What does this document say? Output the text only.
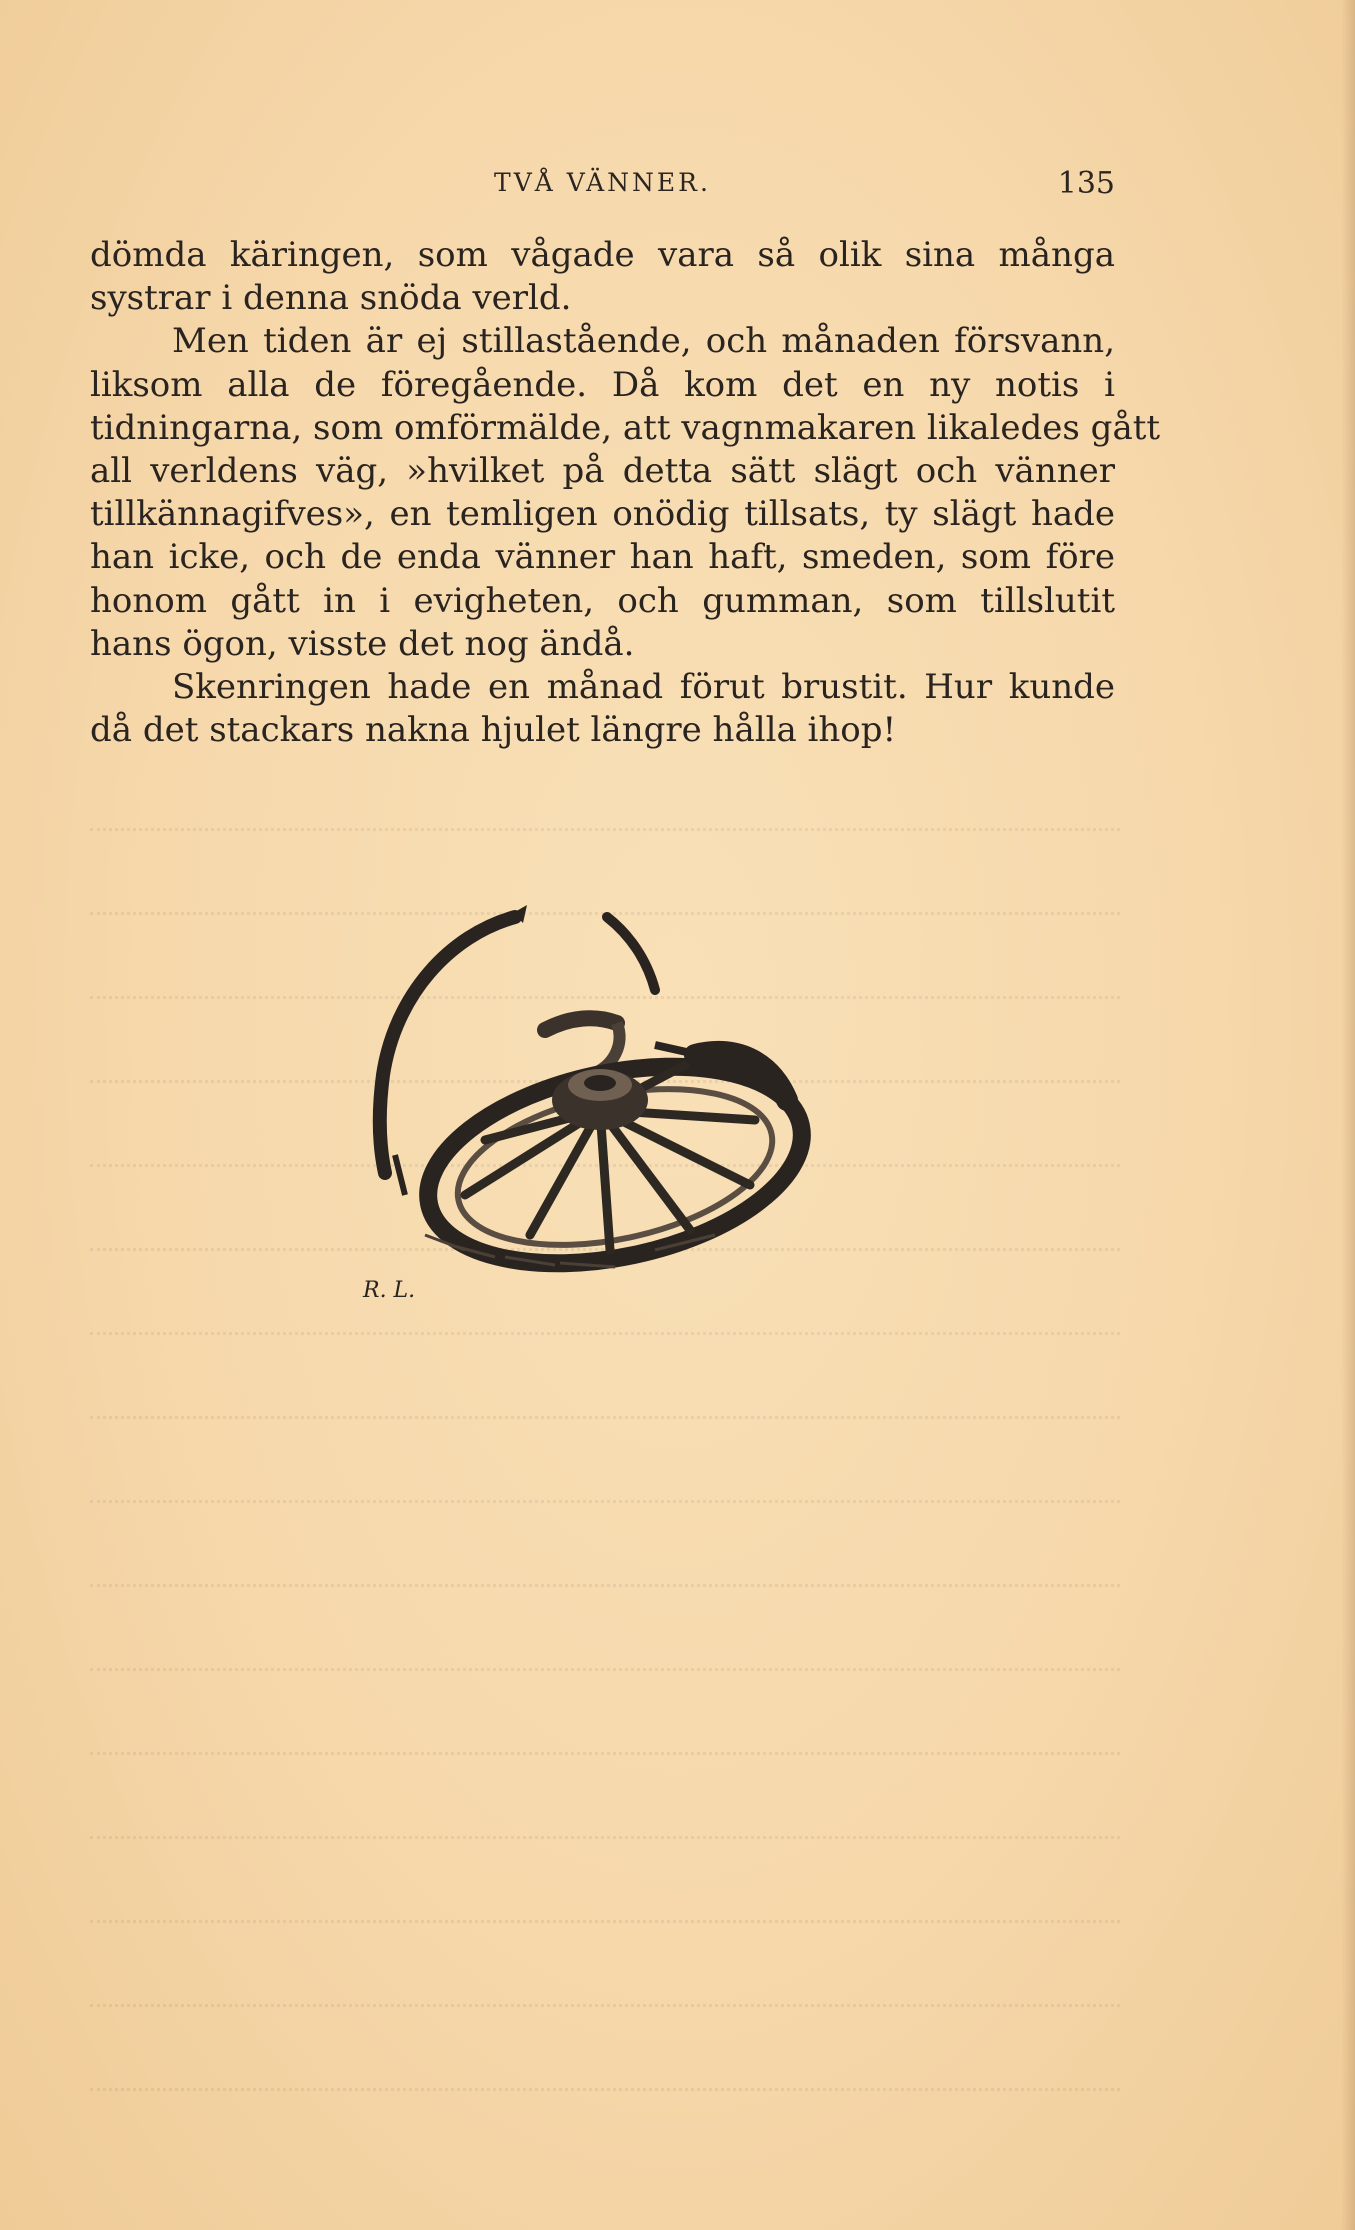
TVÅ VÄNNER.	135
dömda käringen, som vågade vara så olik sina många
systrar i denna snöda verld.
Men tiden är ej stillastående, och månaden försvann,
liksom alla de föregående. Då kom det en ny notis i
tidningarna, som omförmälde, att vagnmakaren likaledes gått
all verldens väg, »hvilket på detta sätt slägt och vänner
tillkännagifves», en temligen onödig tillsats, ty slägt hade
han icke, och de enda vänner han haft, smeden, som före
honom gått in i evigheten, och gumman, som tillslutit
hans ögon, visste det nog ändå.
Skenringen hade en månad förut brustit. Hur kunde
då det stackars nakna hjulet längre hålla ihop!
R. L.
